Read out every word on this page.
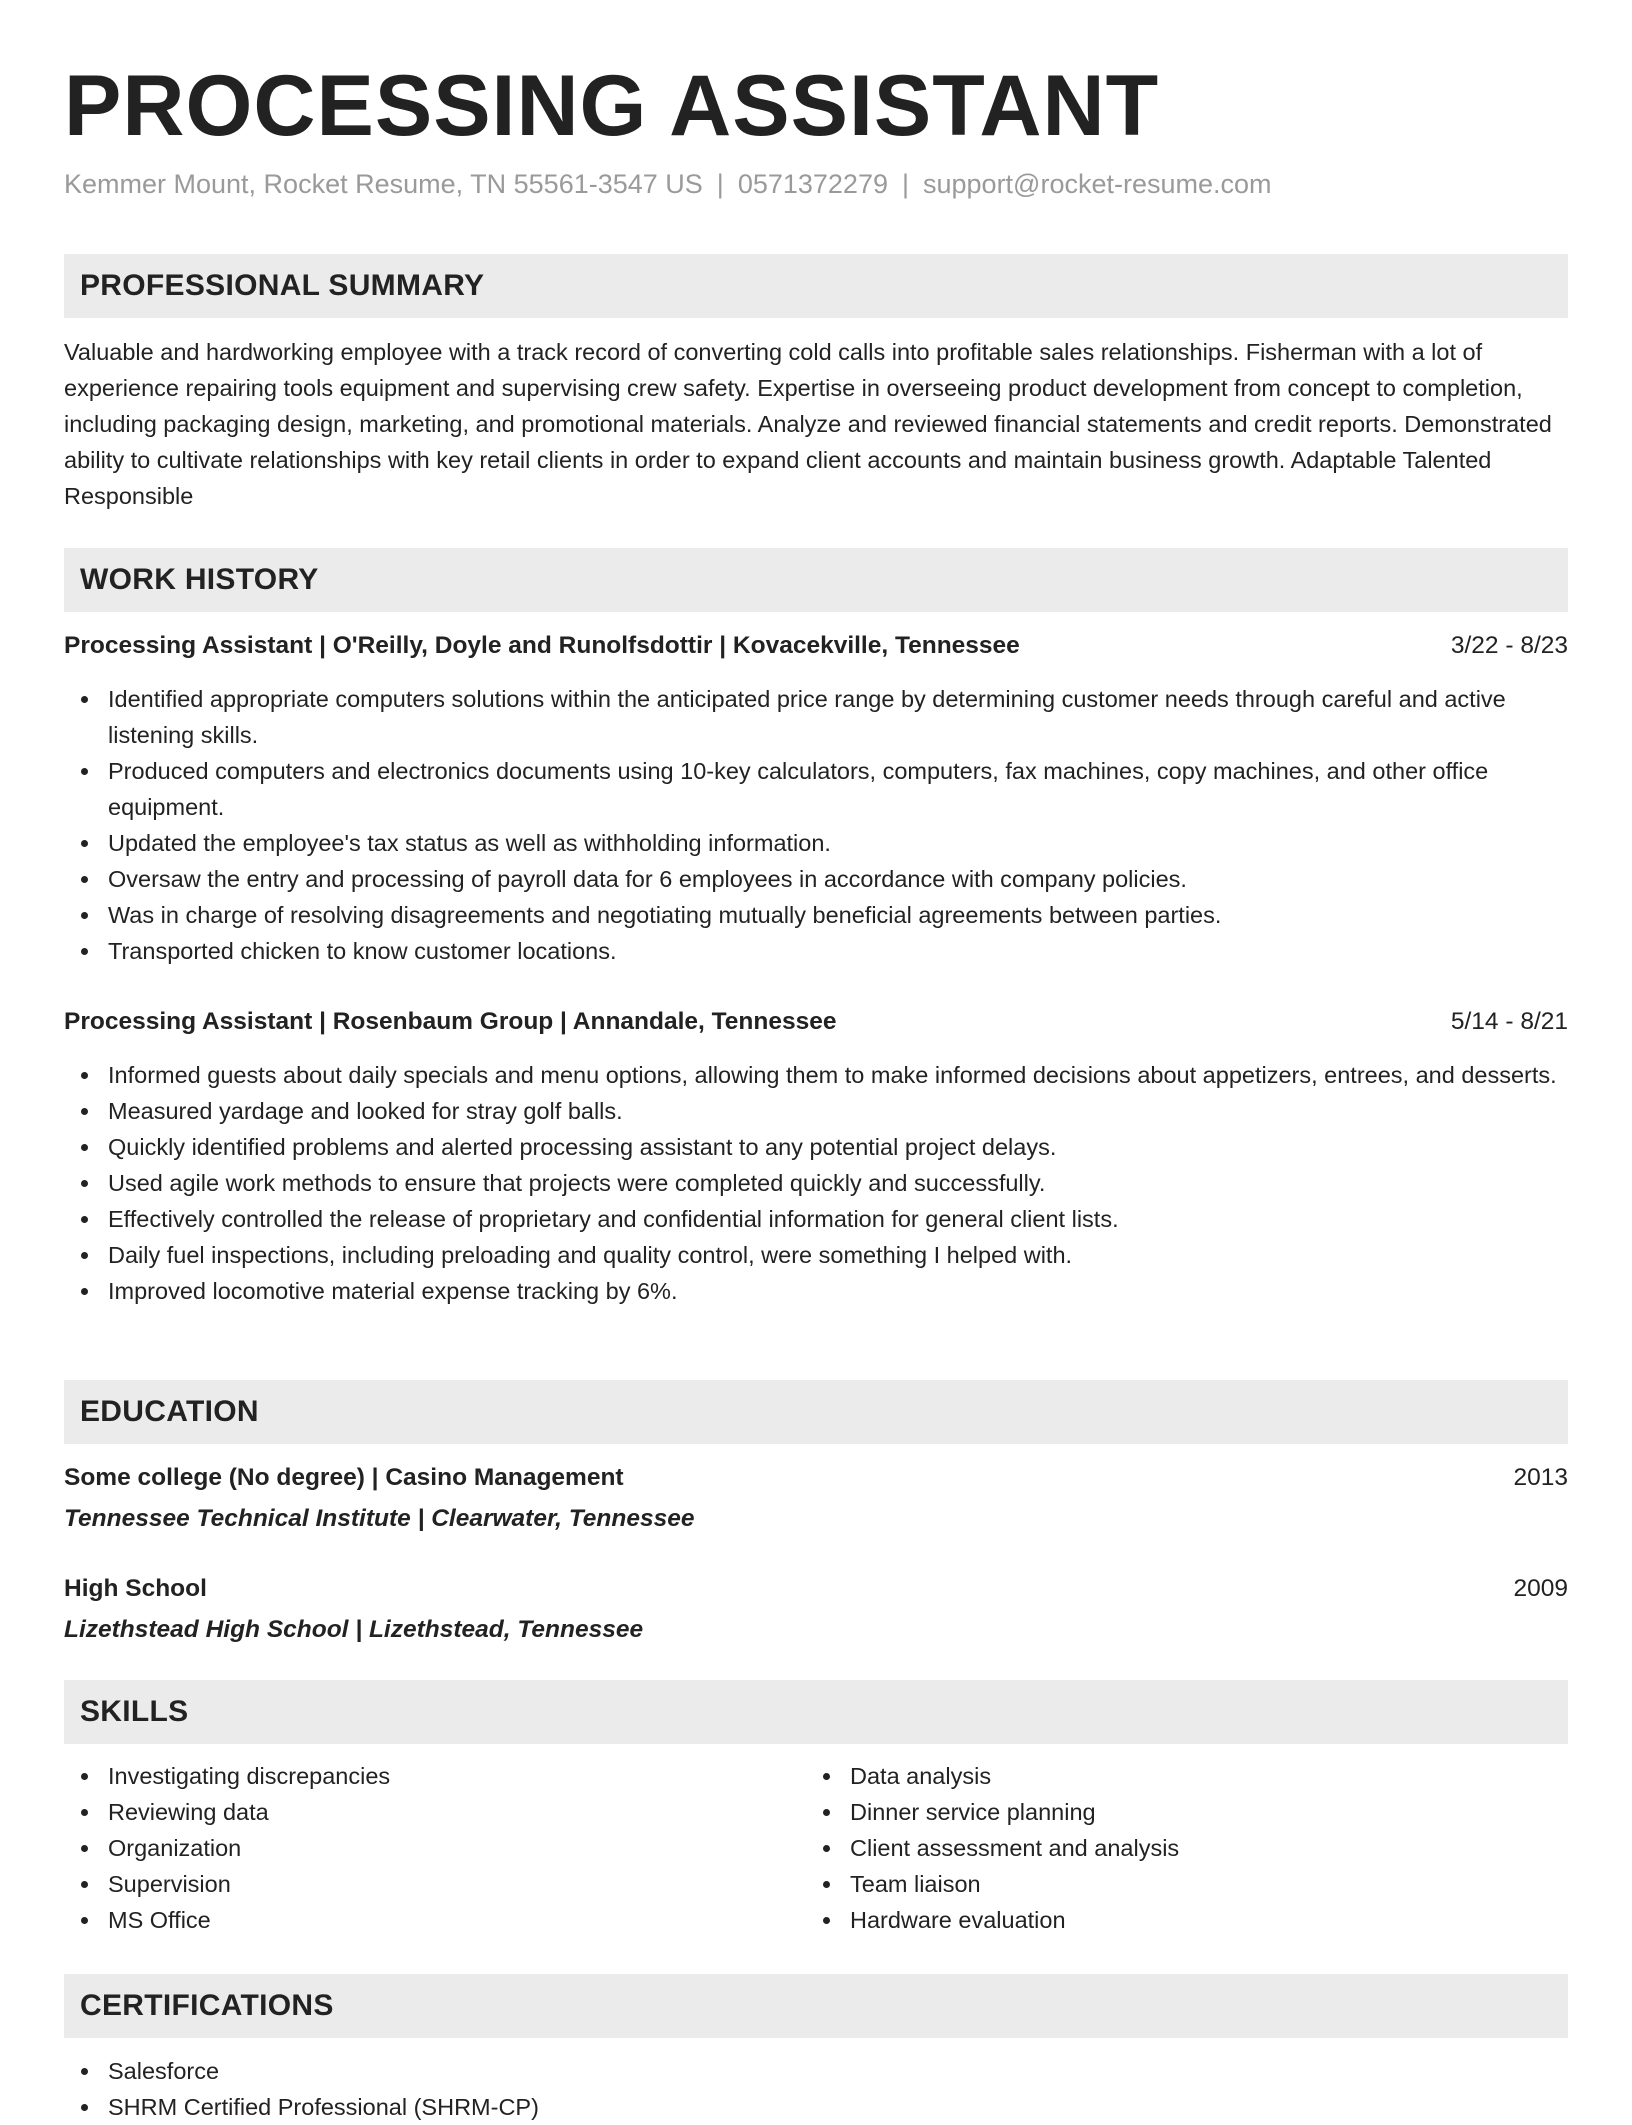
PROCESSING ASSISTANT
Kemmer Mount, Rocket Resume, TN 55561-3547 US | 0571372279 | support@rocket-resume.com
PROFESSIONAL SUMMARY

Valuable and hardworking employee with a track record of converting cold calls into profitable sales relationships. Fisherman with a lot of experience repairing tools equipment and supervising crew safety. Expertise in overseeing product development from concept to completion, including packaging design, marketing, and promotional materials. Analyze and reviewed financial statements and credit reports. Demonstrated ability to cultivate relationships with key retail clients in order to expand client accounts and maintain business growth. Adaptable Talented Responsible

WORK HISTORY
Processing Assistant | O'Reilly, Doyle and Runolfsdottir | Kovacekville, Tennessee	3/22 - 8/23
Identified appropriate computers solutions within the anticipated price range by determining customer needs through careful and active listening skills.
Produced computers and electronics documents using 10-key calculators, computers, fax machines, copy machines, and other office equipment.
Updated the employee's tax status as well as withholding information.
Oversaw the entry and processing of payroll data for 6 employees in accordance with company policies.
Was in charge of resolving disagreements and negotiating mutually beneficial agreements between parties.
Transported chicken to know customer locations.
Processing Assistant | Rosenbaum Group | Annandale, Tennessee	5/14 - 8/21
Informed guests about daily specials and menu options, allowing them to make informed decisions about appetizers, entrees, and desserts.
Measured yardage and looked for stray golf balls.
Quickly identified problems and alerted processing assistant to any potential project delays.
Used agile work methods to ensure that projects were completed quickly and successfully.
Effectively controlled the release of proprietary and confidential information for general client lists.
Daily fuel inspections, including preloading and quality control, were something I helped with.
Improved locomotive material expense tracking by 6%.
EDUCATION
Some college (No degree) | Casino Management	2013
Tennessee Technical Institute | Clearwater, Tennessee
High School	2009
Lizethstead High School | Lizethstead, Tennessee
SKILLS
Investigating discrepancies
Reviewing data
Organization
Supervision
MS Office
Data analysis
Dinner service planning
Client assessment and analysis
Team liaison
Hardware evaluation
CERTIFICATIONS
Salesforce
SHRM Certified Professional (SHRM-CP)
